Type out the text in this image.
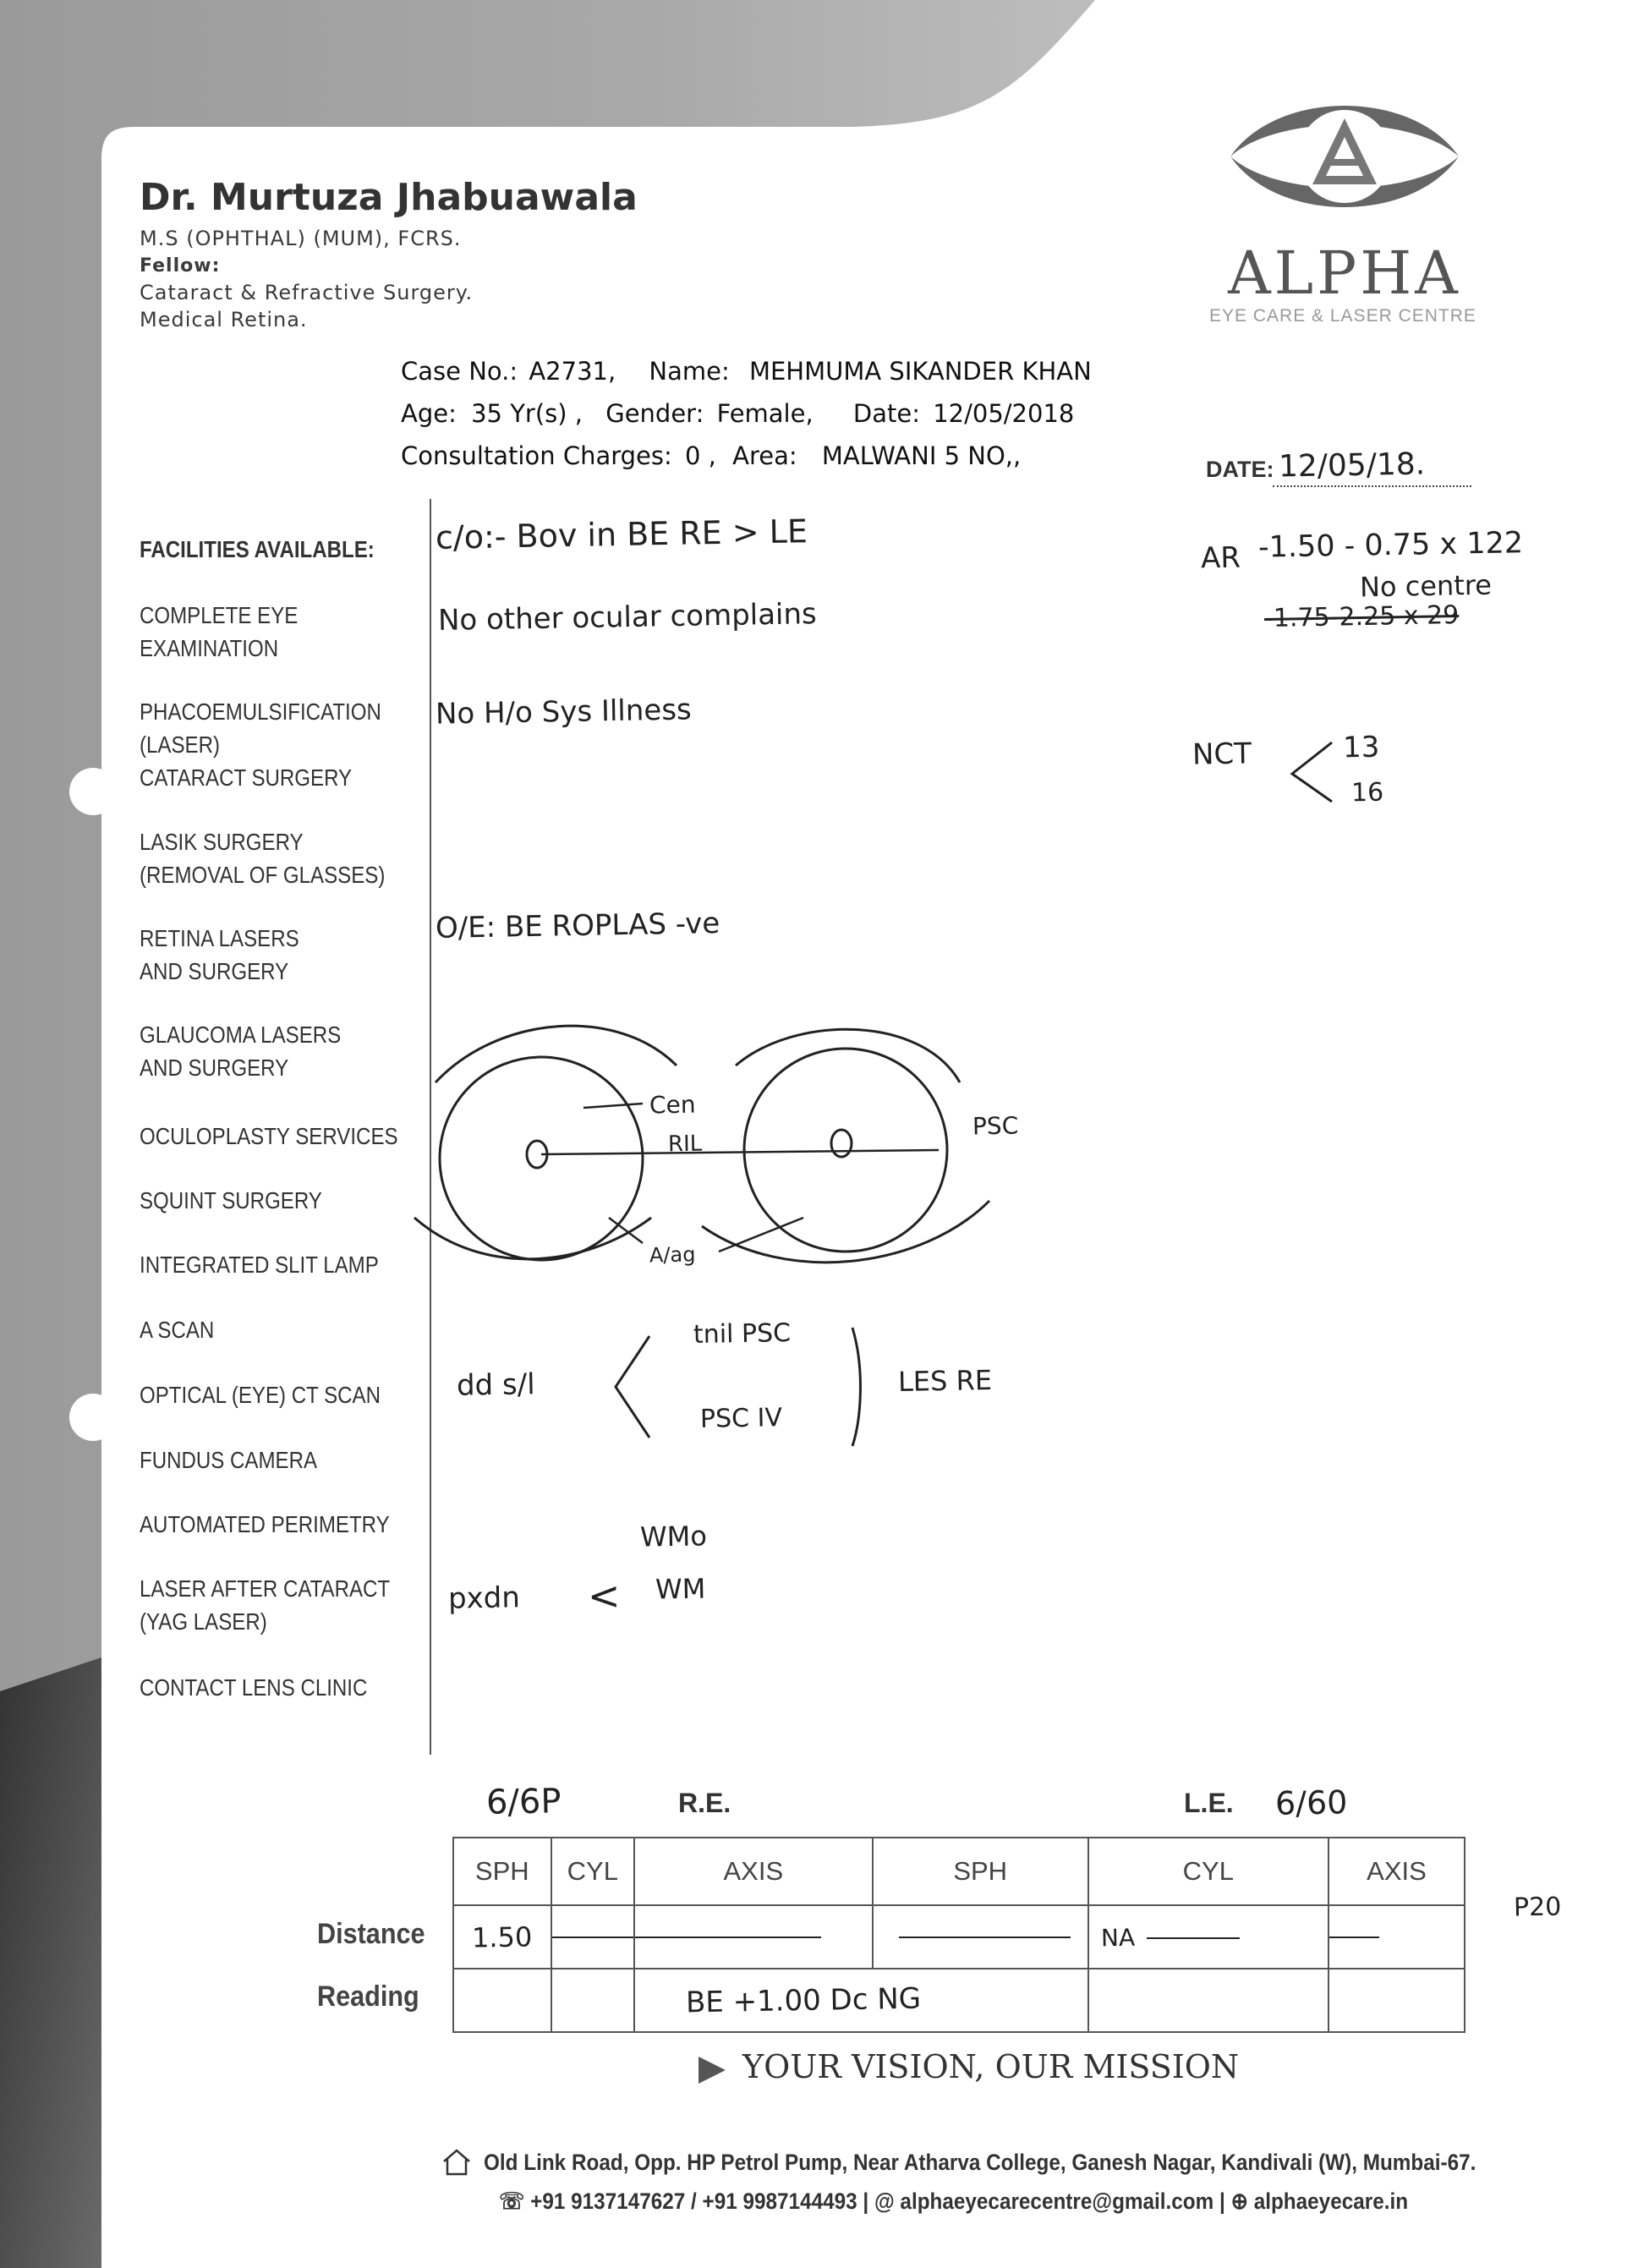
Dr. Murtuza Jhabuawala
M.S (OPHTHAL) (MUM), FCRS.
Fellow:
Cataract & Refractive Surgery.
Medical Retina.
ALPHA
EYE CARE & LASER CENTRE
Case No.: A2731, Name: MEHMUMA SIKANDER KHAN
Age: 35 Yr(s) , Gender: Female, Date: 12/05/2018
Consultation Charges: 0 , Area: MALWANI 5 NO,,	DATE: 12/05/18.
FACILITIES AVAILABLE:
COMPLETE EYE
EXAMINATION
PHACOEMULSIFICATION
(LASER)
CATARACT SURGERY
LASIK SURGERY
(REMOVAL OF GLASSES)
RETINA LASERS
AND SURGERY
GLAUCOMA LASERS
AND SURGERY
OCULOPLASTY SERVICES
SQUINT SURGERY
INTEGRATED SLIT LAMP
A SCAN
OPTICAL (EYE) CT SCAN
FUNDUS CAMERA
AUTOMATED PERIMETRY
LASER AFTER CATARACT
(YAG LASER)
CONTACT LENS CLINIC
c/o:- Bov in BE RE > LE
No other ocular complains
No H/o Sys Illness
O/E: BE ROPLAS -ve
AR -1.50 - 0.75 x 122
No centre
-1.75-2.25 x 29
NCT	13
16
Cen
RIL
A/ag
PSC
dd s/l
tnil PSC
PSC IV
LES RE
pxdn <
WMo
WM
6/6P	R.E.	L.E. 6/60
P20
Distance
Reading
SPH	CYL	AXIS	SPH	CYL	AXIS
1.50				NA	

		BE +1.00 Dc NG			
YOUR VISION, OUR MISSION
Old Link Road, Opp. HP Petrol Pump, Near Atharva College, Ganesh Nagar, Kandivali (W), Mumbai-67.
☏ +91 9137147627 / +91 9987144493 | @ alphaeyecarecentre@gmail.com | ⊕ alphaeyecare.in
